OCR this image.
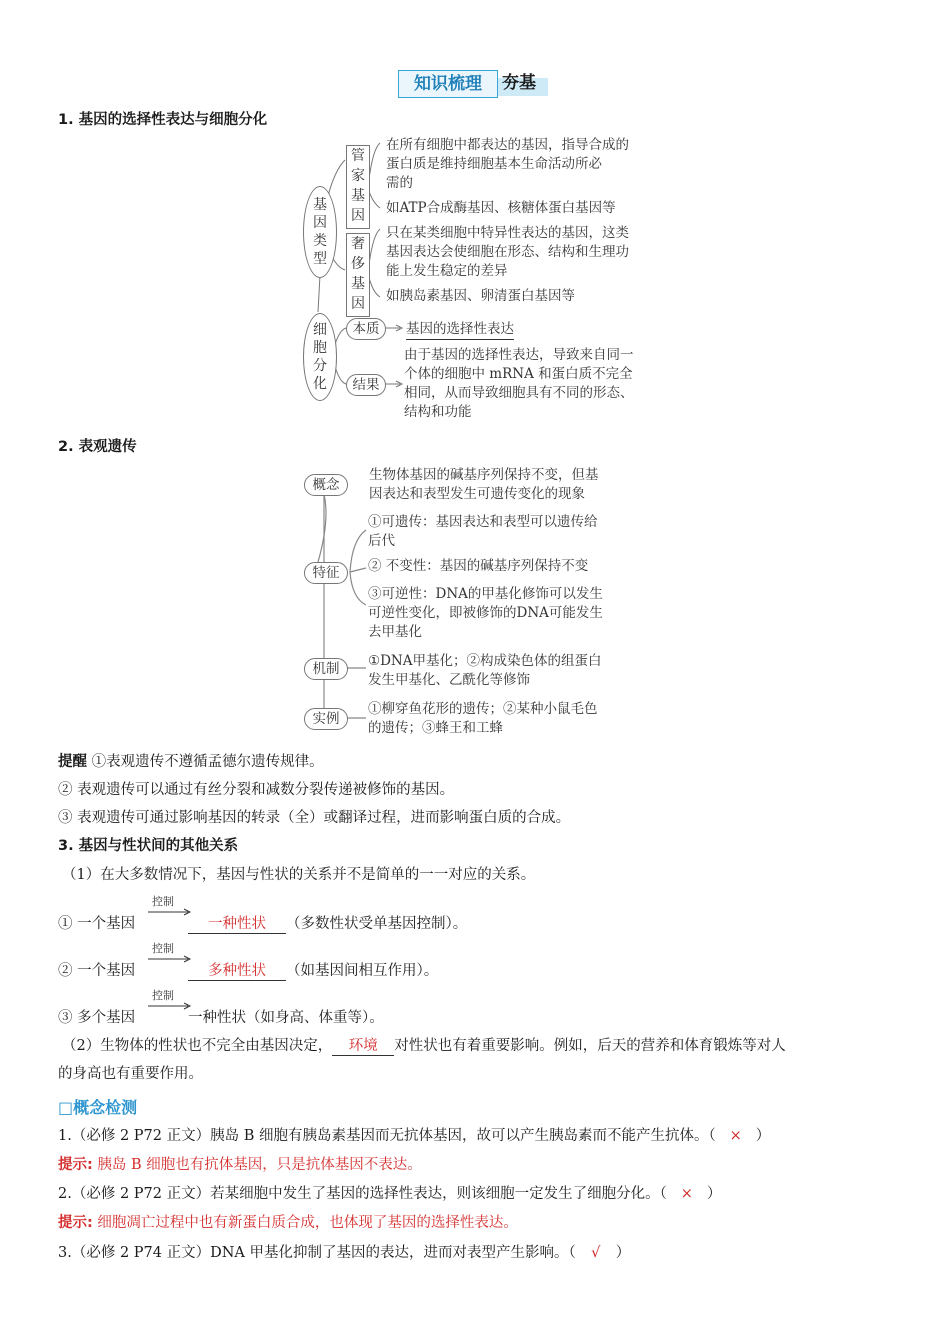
知识梳理	夯基
1. 基因的选择性表达与细胞分化
基
因
类
型
管
家
基
因
在所有细胞中都表达的基因，指导合成的
蛋白质是维持细胞基本生命活动所必
需的
如ATP合成酶基因、核糖体蛋白基因等
奢
侈
基
因
只在某类细胞中特异性表达的基因，这类
基因表达会使细胞在形态、结构和生理功
能上发生稳定的差异
如胰岛素基因、卵清蛋白基因等
细
胞
分
化
本质	基因的选择性表达
结果
由于基因的选择性表达，导致来自同一
个体的细胞中 mRNA 和蛋白质不完全
相同，从而导致细胞具有不同的形态、
结构和功能
2. 表观遗传
概念
生物体基因的碱基序列保持不变，但基
因表达和表型发生可遗传变化的现象
特征
①可遗传：基因表达和表型可以遗传给
后代
② 不变性：基因的碱基序列保持不变
③可逆性：DNA的甲基化修饰可以发生
可逆性变化，即被修饰的DNA可能发生
去甲基化
机制	①DNA甲基化；②构成染色体的组蛋白
发生甲基化、乙酰化等修饰
实例
①柳穿鱼花形的遗传；②某种小鼠毛色
的遗传；③蜂王和工蜂
提醒 ①表观遗传不遵循孟德尔遗传规律。
② 表观遗传可以通过有丝分裂和减数分裂传递被修饰的基因。
③ 表观遗传可通过影响基因的转录（全）或翻译过程，进而影响蛋白质的合成。
3. 基因与性状间的其他关系
（1）在大多数情况下，基因与性状的关系并不是简单的一一对应的关系。
① 一个基因
控制
一种性状 （多数性状受单基因控制）。
② 一个基因
控制
多种性状 （如基因间相互作用）。
③ 多个基因
控制
一种性状（如身高、体重等）。
（2）生物体的性状也不完全由基因决定， 环境 对性状也有着重要影响。例如，后天的营养和体育锻炼等对人
的身高也有重要作用。
□概念检测
1.（必修 2 P72 正文）胰岛 B 细胞有胰岛素基因而无抗体基因，故可以产生胰岛素而不能产生抗体。（ × ）
提示: 胰岛 B 细胞也有抗体基因，只是抗体基因不表达。
2.（必修 2 P72 正文）若某细胞中发生了基因的选择性表达，则该细胞一定发生了细胞分化。（ × ）
提示: 细胞凋亡过程中也有新蛋白质合成，也体现了基因的选择性表达。
3.（必修 2 P74 正文）DNA 甲基化抑制了基因的表达，进而对表型产生影响。（ √ ）
